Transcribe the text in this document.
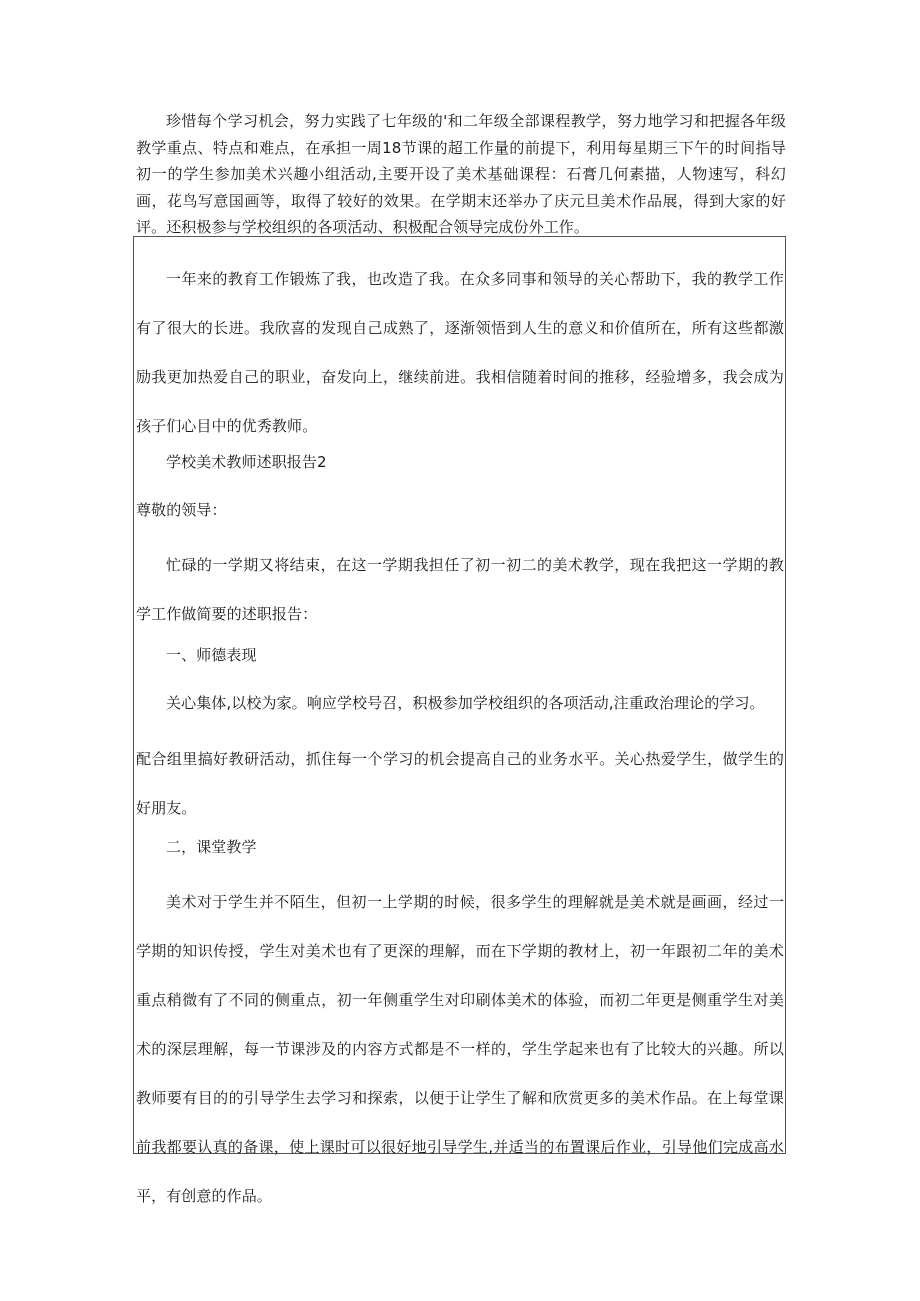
珍惜每个学习机会，努力实践了七年级的'和二年级全部课程教学，努力地学习和把握各年级教学重点、特点和难点，在承担一周18节课的超工作量的前提下，利用每星期三下午的时间指导初一的学生参加美术兴趣小组活动,主要开设了美术基础课程：石膏几何素描，人物速写，科幻画，花鸟写意国画等，取得了较好的效果。在学期末还举办了庆元旦美术作品展，得到大家的好评。还积极参与学校组织的各项活动、积极配合领导完成份外工作。

一年来的教育工作锻炼了我，也改造了我。在众多同事和领导的关心帮助下，我的教学工作有了很大的长进。我欣喜的发现自己成熟了，逐渐领悟到人生的意义和价值所在，所有这些都激励我更加热爱自己的职业，奋发向上，继续前进。我相信随着时间的推移，经验增多，我会成为孩子们心目中的优秀教师。

学校美术教师述职报告2

尊敬的领导：

忙碌的一学期又将结束，在这一学期我担任了初一初二的美术教学，现在我把这一学期的教学工作做简要的述职报告：

一、师德表现

关心集体,以校为家。响应学校号召，积极参加学校组织的各项活动,注重政治理论的学习。

配合组里搞好教研活动，抓住每一个学习的机会提高自己的业务水平。关心热爱学生，做学生的好朋友。

二，课堂教学

美术对于学生并不陌生，但初一上学期的时候，很多学生的理解就是美术就是画画，经过一学期的知识传授，学生对美术也有了更深的理解，而在下学期的教材上，初一年跟初二年的美术重点稍微有了不同的侧重点，初一年侧重学生对印刷体美术的体验，而初二年更是侧重学生对美术的深层理解，每一节课涉及的内容方式都是不一样的，学生学起来也有了比较大的兴趣。所以教师要有目的的引导学生去学习和探索，以便于让学生了解和欣赏更多的美术作品。在上每堂课前我都要认真的备课，使上课时可以很好地引导学生,并适当的布置课后作业，引导他们完成高水平，有创意的作品。
